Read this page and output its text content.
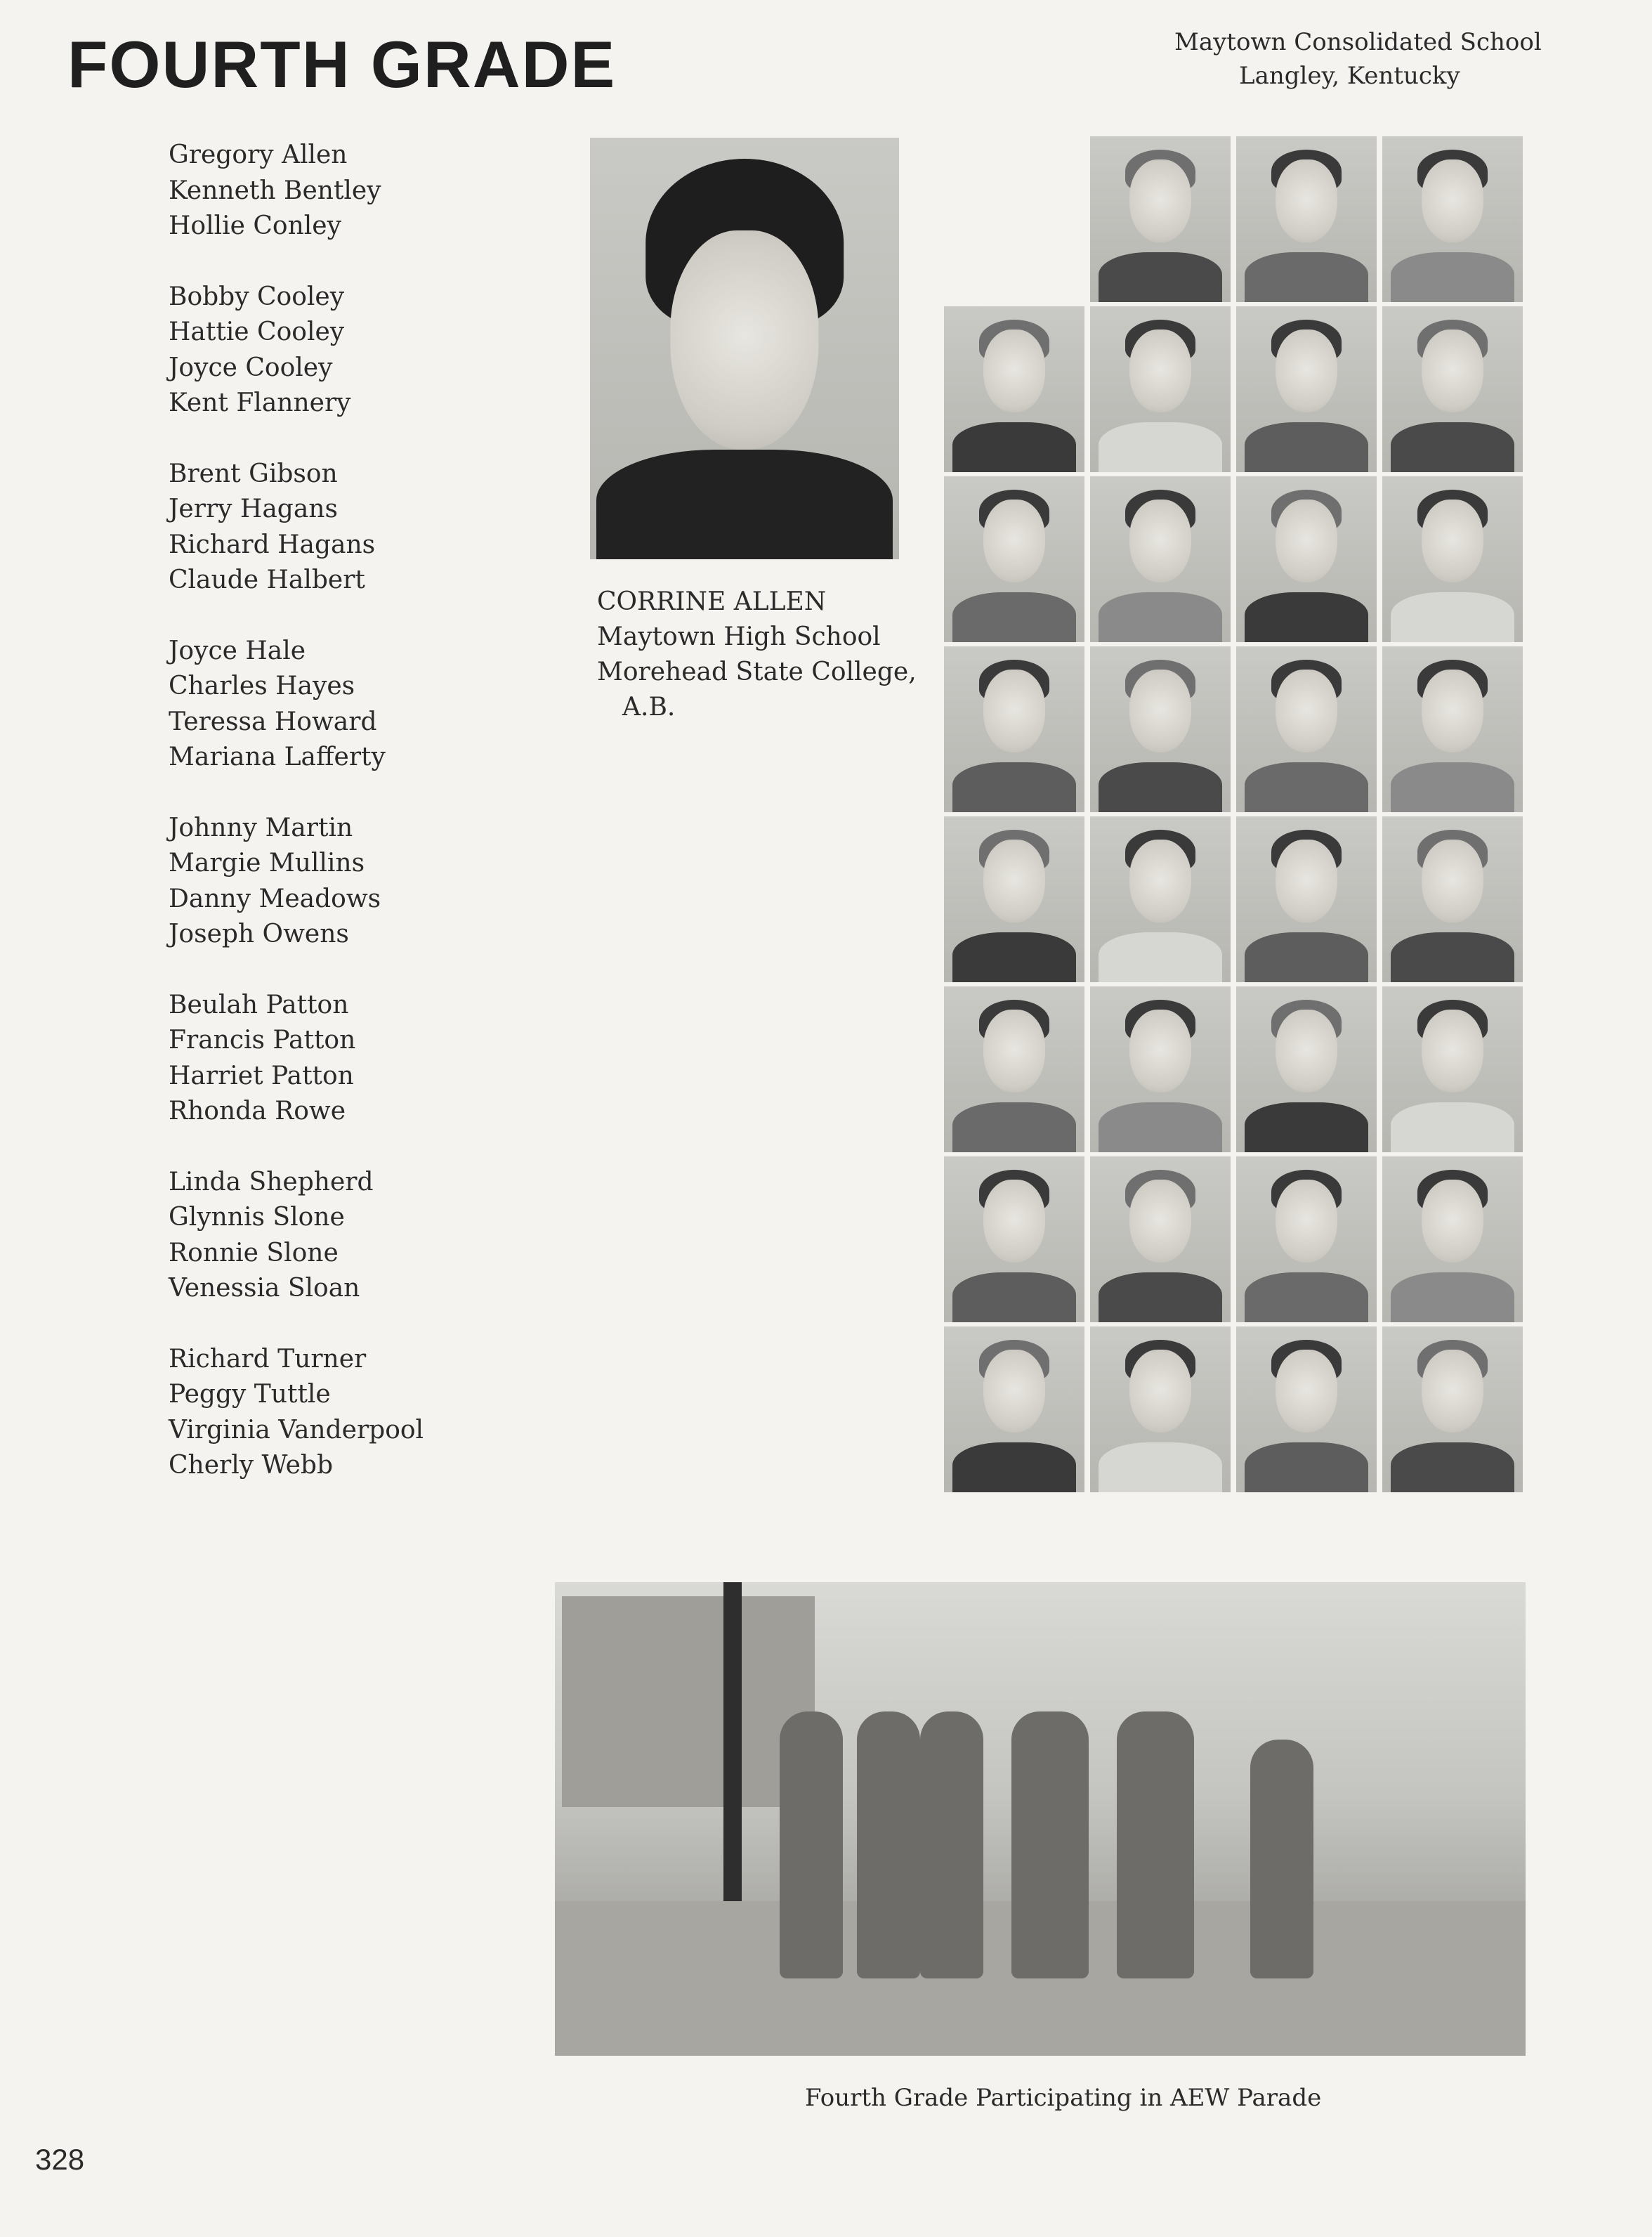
FOURTH GRADE	Maytown Consolidated School
Langley, Kentucky
Gregory Allen
Kenneth Bentley
Hollie Conley
Bobby Cooley
Hattie Cooley
Joyce Cooley
Kent Flannery
Brent Gibson
Jerry Hagans
Richard Hagans
Claude Halbert
Joyce Hale
Charles Hayes
Teressa Howard
Mariana Lafferty
Johnny Martin
Margie Mullins
Danny Meadows
Joseph Owens
Beulah Patton
Francis Patton
Harriet Patton
Rhonda Rowe
Linda Shepherd
Glynnis Slone
Ronnie Slone
Venessia Sloan
Richard Turner
Peggy Tuttle
Virginia Vanderpool
Cherly Webb
CORRINE ALLEN
Maytown High School
Morehead State College,
A.B.
Fourth Grade Participating in AEW Parade
328
